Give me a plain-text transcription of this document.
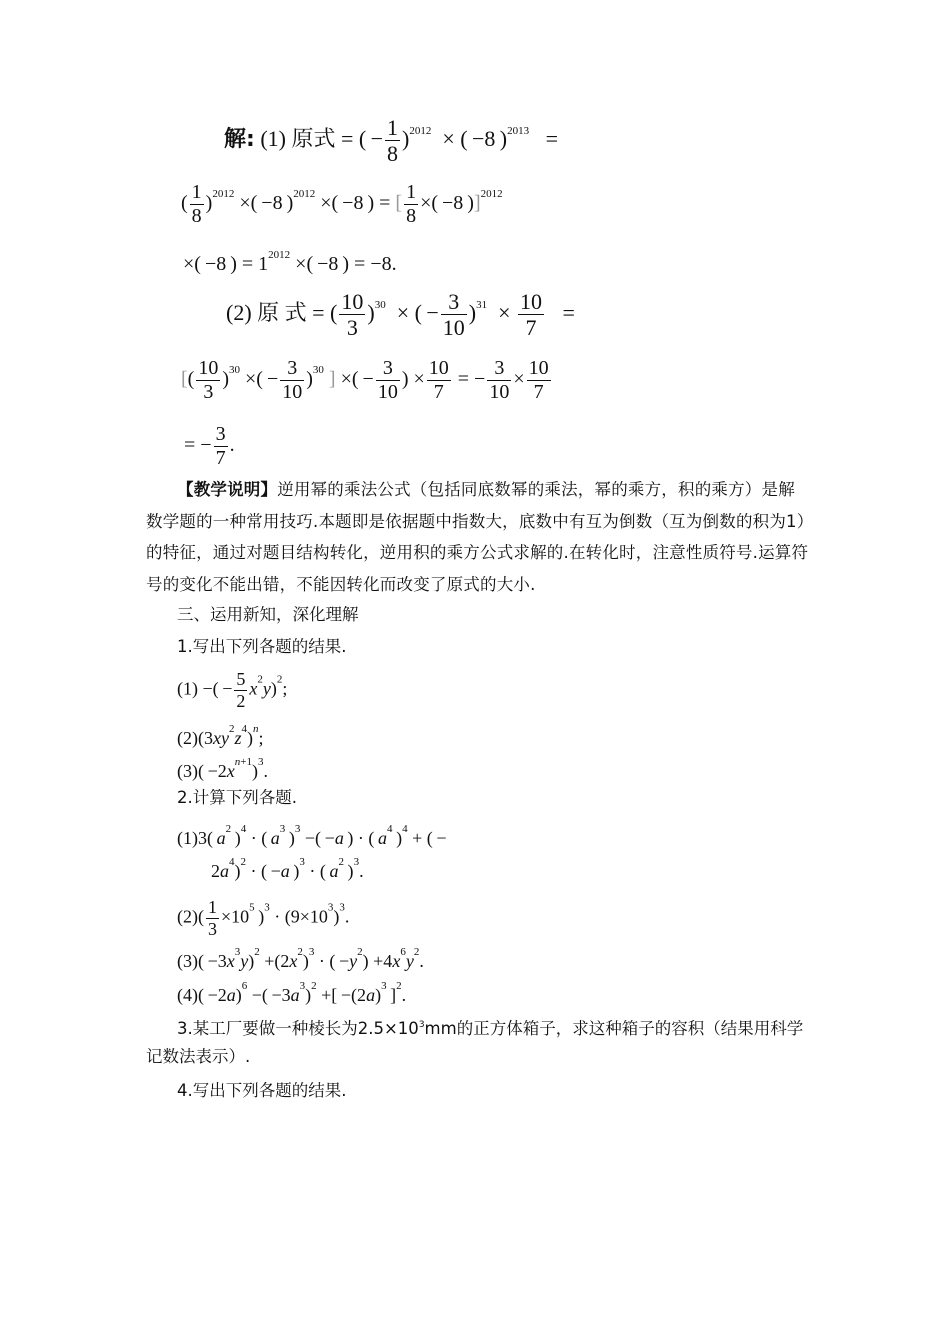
解: (1) 原式 = ( − $\frac{1}{8} )^{2012}$  × ( −8 )$^{2013}$   =
( $\frac{1}{8} )^{2012}$ ×( −8 )$^{2012}$ ×( −8 ) = [ $\frac{1}{8}$ ×( −8 )]$^{2012}$
×( −8 ) = $1^{2012}$ ×( −8 ) = −8.
(2) 原 式 = ( $\frac{10}{3} )^{30}$  × ( − $\frac{3}{10} )^{31} \times \frac{10}{7}$ =
[( $\frac{10}{3} )^{30}$ ×( − $\frac{3}{10} )^{30}$ ] ×( − $\frac{3}{10}$ ) × $\frac{10}{7}$ = − $\frac{3}{10} \times \frac{10}{7}$
= − $\frac{3}{7}$ .
【教学说明】逆用幂的乘法公式（包括同底数幂的乘法，幂的乘方，积的乘方）是解数学题的一种常用技巧.本题即是依据题中指数大，底数中有互为倒数（互为倒数的积为1）的特征，通过对题目结构转化，逆用积的乘方公式求解的.在转化时，注意性质符号.运算符号的变化不能出错，不能因转化而改变了原式的大小.
三、运用新知，深化理解
1.写出下列各题的结果.
(1) −( − $\frac{5}{2} x^2y)^2$;
$(2)(3xy^2z^4)^n$;
$(3)( -2x^{n+1})^3$.
2.计算下列各题.
(1)3( $a^2$ )$^4$ · ( $a^3$ )$^3$ −( −a ) · ( $a^4$ )$^4$ + ( −
$2a^4)^2$ · ( −a )$^3$ · ( $a^2$ )$^3$.
$(2)( \frac{1}{3} \times 10^5$ )$^3 \cdot (9\times 10^3)^3$.
$(3)( -3x^3y)^2 +(2x^2)^3$ · ( $-y^2) +4x^6y^2$.
$(4)( -2a)^6$ −( $-3a^3)^2$ +[ $-(2a)^3$ ]$^2$.
3.某工厂要做一种棱长为$2.5\times 10^3mm$的正方体箱子，求这种箱子的容积（结果用科学
记数法表示）.
4.写出下列各题的结果.
